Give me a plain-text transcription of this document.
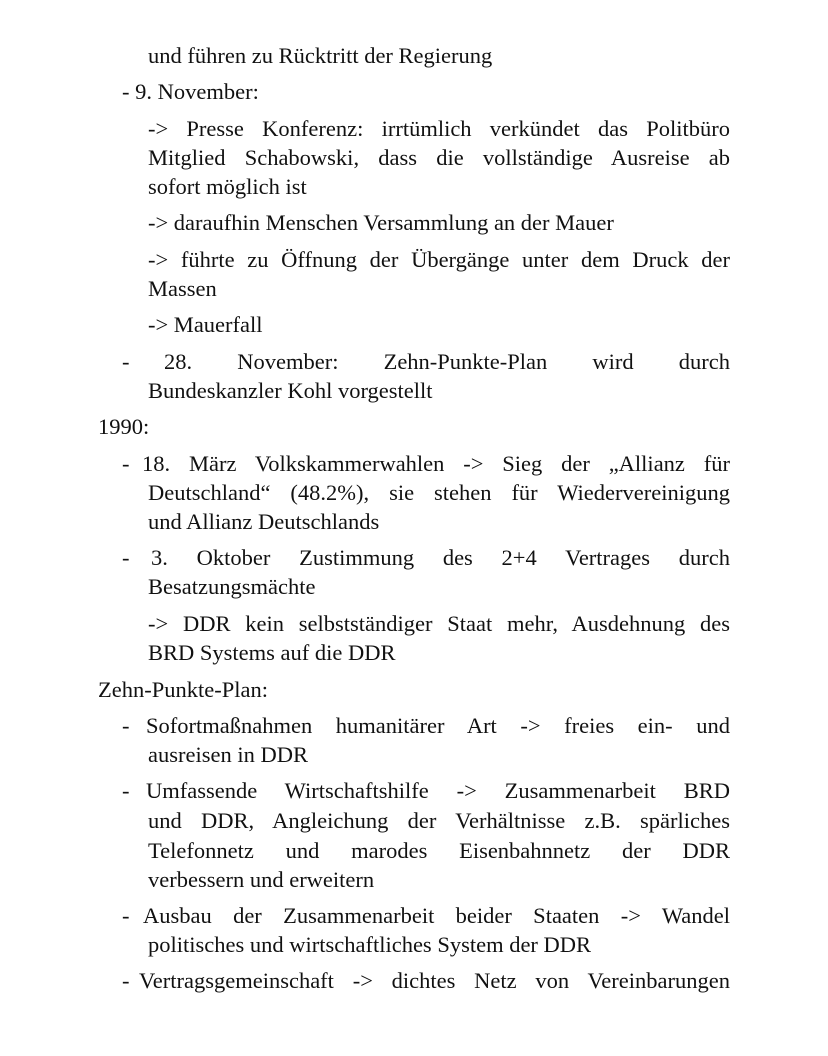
und führen zu Rücktritt der Regierung
- 9. November:
-> Presse Konferenz: irrtümlich verkündet das Politbüro
Mitglied Schabowski, dass die vollständige Ausreise ab
sofort möglich ist
-> daraufhin Menschen Versammlung an der Mauer
-> führte zu Öffnung der Übergänge unter dem Druck der
Massen
-> Mauerfall
- 28. November: Zehn-Punkte-Plan wird durch
Bundeskanzler Kohl vorgestellt
1990:
- 18. März Volkskammerwahlen -> Sieg der „Allianz für
Deutschland“ (48.2%), sie stehen für Wiedervereinigung
und Allianz Deutschlands
- 3. Oktober Zustimmung des 2+4 Vertrages durch
Besatzungsmächte
-> DDR kein selbstständiger Staat mehr, Ausdehnung des
BRD Systems auf die DDR
Zehn-Punkte-Plan:
- Sofortmaßnahmen humanitärer Art -> freies ein- und
ausreisen in DDR
- Umfassende Wirtschaftshilfe -> Zusammenarbeit BRD
und DDR, Angleichung der Verhältnisse z.B. spärliches
Telefonnetz und marodes Eisenbahnnetz der DDR
verbessern und erweitern
- Ausbau der Zusammenarbeit beider Staaten -> Wandel
politisches und wirtschaftliches System der DDR
- Vertragsgemeinschaft -> dichtes Netz von Vereinbarungen
